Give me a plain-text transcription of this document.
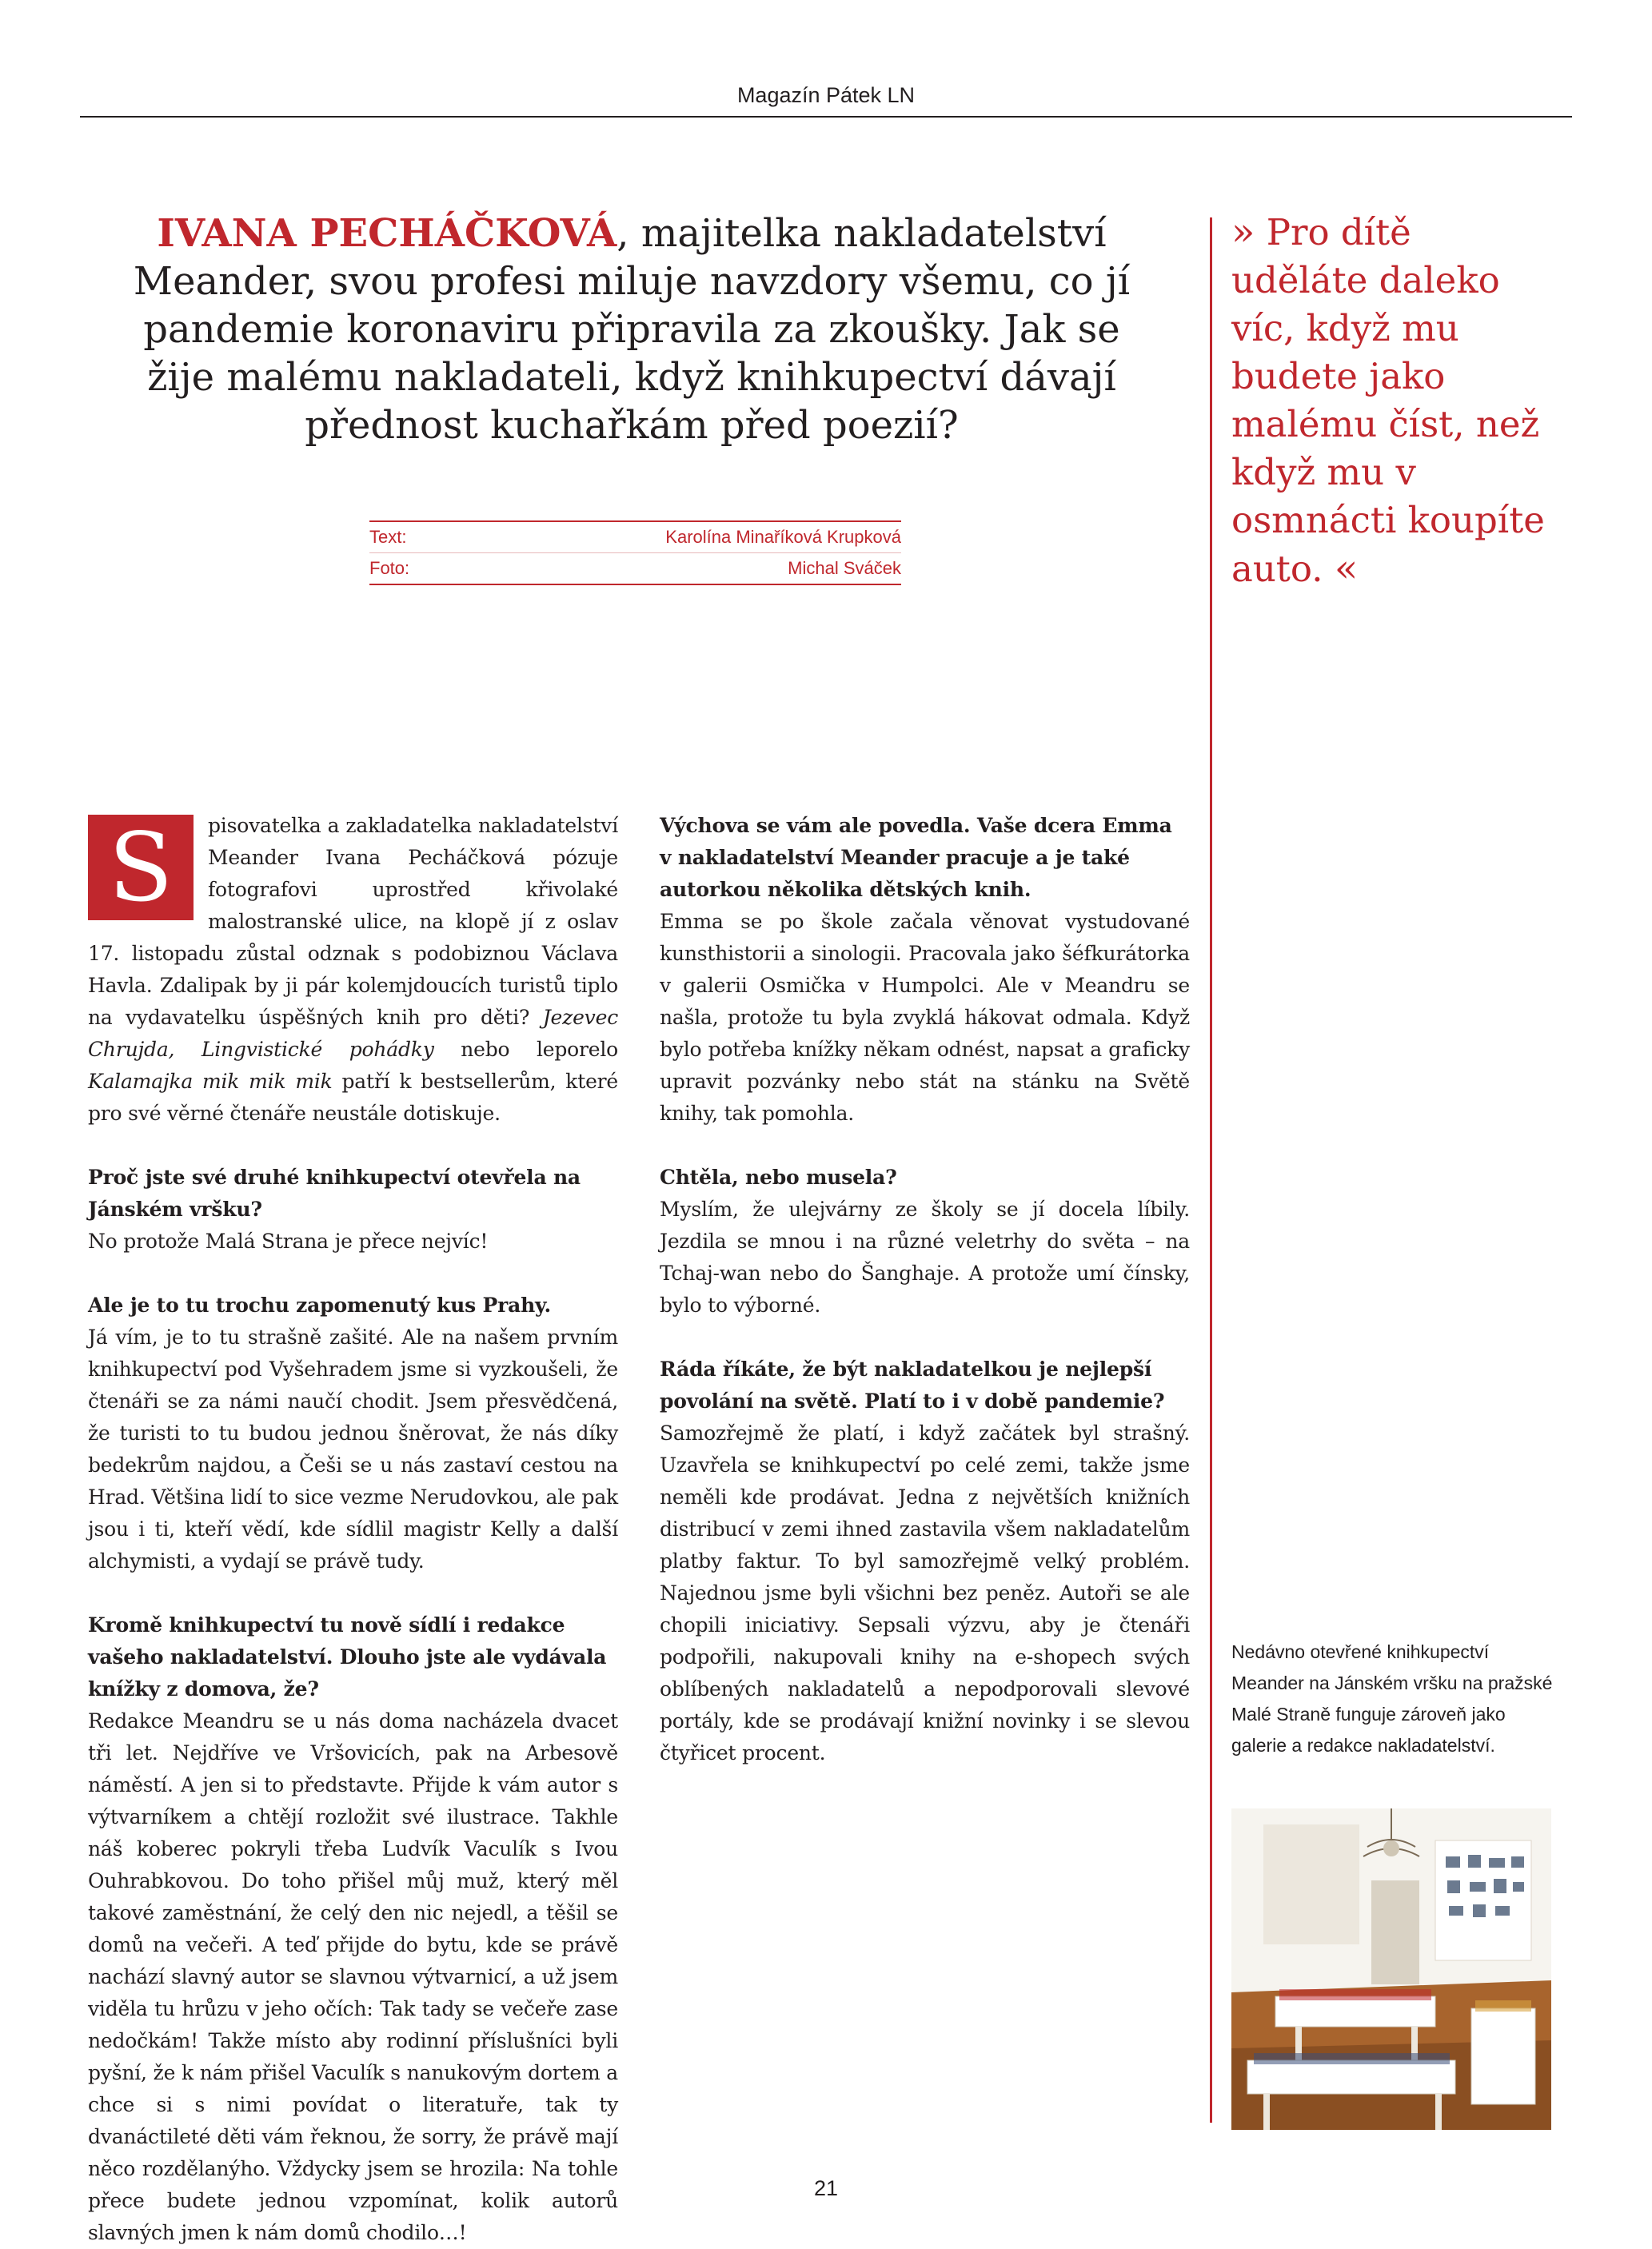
Magazín Pátek LN
IVANA PECHÁČKOVÁ, majitelka nakladatelství Meander, svou profesi miluje navzdory všemu, co jí pandemie koronaviru připravila za zkoušky. Jak se žije malému nakladateli, když knihkupectví dávají přednost kuchařkám před poezií?
Text:	Karolína Minaříková Krupková
Foto:	Michal Sváček
» Pro dítě uděláte daleko víc, když mu budete jako malému číst, než když mu v osmnácti koupíte auto. «

S	pisovatelka a zakladatelka nakladatelství Meander Ivana Pecháčková pózuje fotografovi uprostřed křivolaké malostranské ulice, na klopě jí z oslav 17. listopadu zůstal odznak s podobiznou Václava Havla. Zdalipak by ji pár kolemjdoucích turistů tiplo na vydavatelku úspěšných knih pro děti? Jezevec Chrujda, Lingvistické pohádky nebo leporelo Kalamajka mik mik mik patří k bestsellerům, které pro své věrné čtenáře neustále dotiskuje.

Proč jste své druhé knihkupectví otevřela na Jánském vršku?

No protože Malá Strana je přece nejvíc!

Ale je to tu trochu zapomenutý kus Prahy.

Já vím, je to tu strašně zašité. Ale na našem prvním knihkupectví pod Vyšehradem jsme si vyzkoušeli, že čtenáři se za námi naučí chodit. Jsem přesvědčená, že turisti to tu budou jednou šněrovat, že nás díky bedekrům najdou, a Češi se u nás zastaví cestou na Hrad. Většina lidí to sice vezme Nerudovkou, ale pak jsou i ti, kteří vědí, kde sídlil magistr Kelly a další alchymisti, a vydají se právě tudy.

Kromě knihkupectví tu nově sídlí i redakce vašeho nakladatelství. Dlouho jste ale vydávala knížky z domova, že?

Redakce Meandru se u nás doma nacházela dvacet tři let. Nejdříve ve Vršovicích, pak na Arbesově náměstí. A jen si to představte. Přijde k vám autor s výtvarníkem a chtějí rozložit své ilustrace. Takhle náš koberec pokryli třeba Ludvík Vaculík s Ivou Ouhrabkovou. Do toho přišel můj muž, který měl takové zaměstnání, že celý den nic nejedl, a těšil se domů na večeři. A teď přijde do bytu, kde se právě nachází slavný autor se slavnou výtvarnicí, a už jsem viděla tu hrůzu v jeho očích: Tak tady se večeře zase nedočkám! Takže místo aby rodinní příslušníci byli pyšní, že k nám přišel Vaculík s nanukovým dortem a chce si s nimi povídat o literatuře, tak ty dvanáctileté děti vám řeknou, že sorry, že právě mají něco rozdělanýho. Vždycky jsem se hrozila: Na tohle přece budete jednou vzpomínat, kolik autorů slavných jmen k nám domů chodilo…!

Výchova se vám ale povedla. Vaše dcera Emma v nakladatelství Meander pracuje a je také autorkou několika dětských knih.

Emma se po škole začala věnovat vystudované kunsthistorii a sinologii. Pracovala jako šéfkurátorka v galerii Osmička v Humpolci. Ale v Meandru se našla, protože tu byla zvyklá hákovat odmala. Když bylo potřeba knížky někam odnést, napsat a graficky upravit pozvánky nebo stát na stánku na Světě knihy, tak pomohla.

Chtěla, nebo musela?

Myslím, že ulejvárny ze školy se jí docela líbily. Jezdila se mnou i na různé veletrhy do světa – na Tchaj-wan nebo do Šanghaje. A protože umí čínsky, bylo to výborné.

Ráda říkáte, že být nakladatelkou je nejlepší povolání na světě. Platí to i v době pandemie?

Samozřejmě že platí, i když začátek byl strašný. Uzavřela se knihkupectví po celé zemi, takže jsme neměli kde prodávat. Jedna z největších knižních distribucí v zemi ihned zastavila všem nakladatelům platby faktur. To byl samozřejmě velký problém. Najednou jsme byli všichni bez peněz. Autoři se ale chopili iniciativy. Sepsali výzvu, aby je čtenáři podpořili, nakupovali knihy na e-shopech svých oblíbených nakladatelů a nepodporovali slevové portály, kde se prodávají knižní novinky i se slevou čtyřicet procent.

Nedávno otevřené knihkupectví Meander na Jánském vršku na pražské Malé Straně funguje zároveň jako galerie a redakce nakladatelství.
21
